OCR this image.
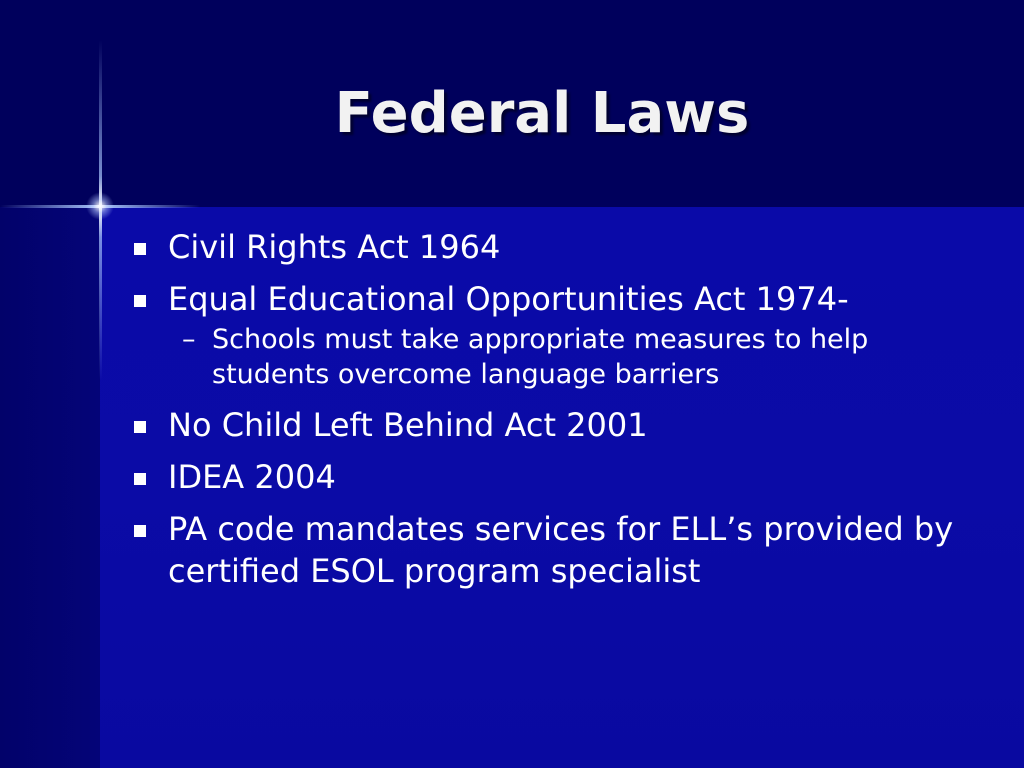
Federal Laws
Civil Rights Act 1964
Equal Educational Opportunities Act 1974-
– Schools must take appropriate measures to help students overcome language barriers
No Child Left Behind Act 2001
IDEA 2004
PA code mandates services for ELL’s provided by certified ESOL program specialist
